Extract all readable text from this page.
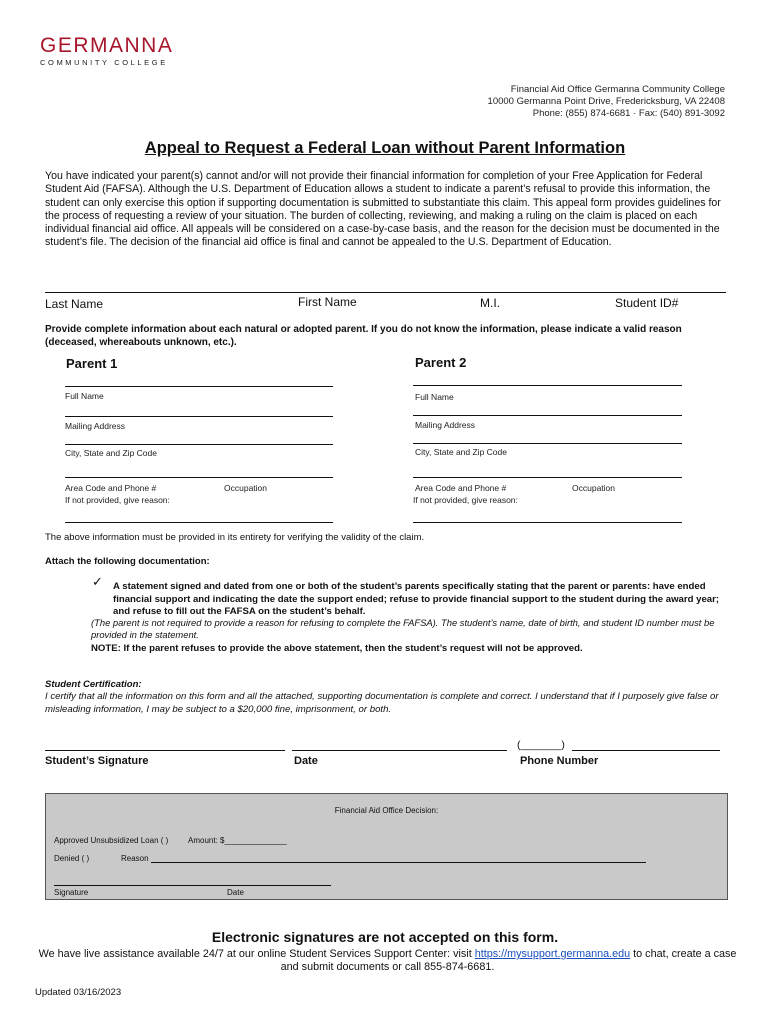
GERMANNA
COMMUNITY COLLEGE
Financial Aid Office Germanna Community College
10000 Germanna Point Drive, Fredericksburg, VA 22408
Phone: (855) 874-6681 · Fax: (540) 891-3092
Appeal to Request a Federal Loan without Parent Information
You have indicated your parent(s) cannot and/or will not provide their financial information for completion of your Free Application for Federal Student Aid (FAFSA). Although the U.S. Department of Education allows a student to indicate a parent’s refusal to provide this information, the student can only exercise this option if supporting documentation is submitted to substantiate this claim. This appeal form provides guidelines for the process of requesting a review of your situation. The burden of collecting, reviewing, and making a ruling on the claim is placed on each individual financial aid office. All appeals will be considered on a case-by-case basis, and the reason for the decision must be documented in the student’s file. The decision of the financial aid office is final and cannot be appealed to the U.S. Department of Education.
Last Name	First Name	M.I.	Student ID#
Provide complete information about each natural or adopted parent. If you do not know the information, please indicate a valid reason (deceased, whereabouts unknown, etc.).
Parent 1
Full Name
Mailing Address
City, State and Zip Code
Area Code and Phone #	Occupation
If not provided, give reason:
Parent 2
Full Name
Mailing Address
City, State and Zip Code
Area Code and Phone #	Occupation
If not provided, give reason:
The above information must be provided in its entirety for verifying the validity of the claim.
Attach the following documentation:
✓ A statement signed and dated from one or both of the student’s parents specifically stating that the parent or parents: have ended financial support and indicating the date the support ended; refuse to provide financial support to the student during the award year; and refuse to fill out the FAFSA on the student’s behalf.
(The parent is not required to provide a reason for refusing to complete the FAFSA). The student’s name, date of birth, and student ID number must be provided in the statement.
NOTE: If the parent refuses to provide the above statement, then the student’s request will not be approved.
Student Certification:
I certify that all the information on this form and all the attached, supporting documentation is complete and correct. I understand that if I purposely give false or misleading information, I may be subject to a $20,000 fine, imprisonment, or both.
Student’s Signature	Date
(_______)
Phone Number
Financial Aid Office Decision:
Approved Unsubsidized Loan ( ) Amount: $______________
Denied ( )	Reason
Signature	Date
Electronic signatures are not accepted on this form.
We have live assistance available 24/7 at our online Student Services Support Center: visit https://mysupport.germanna.edu to chat, create a case and submit documents or call 855-874-6681.
Updated 03/16/2023
